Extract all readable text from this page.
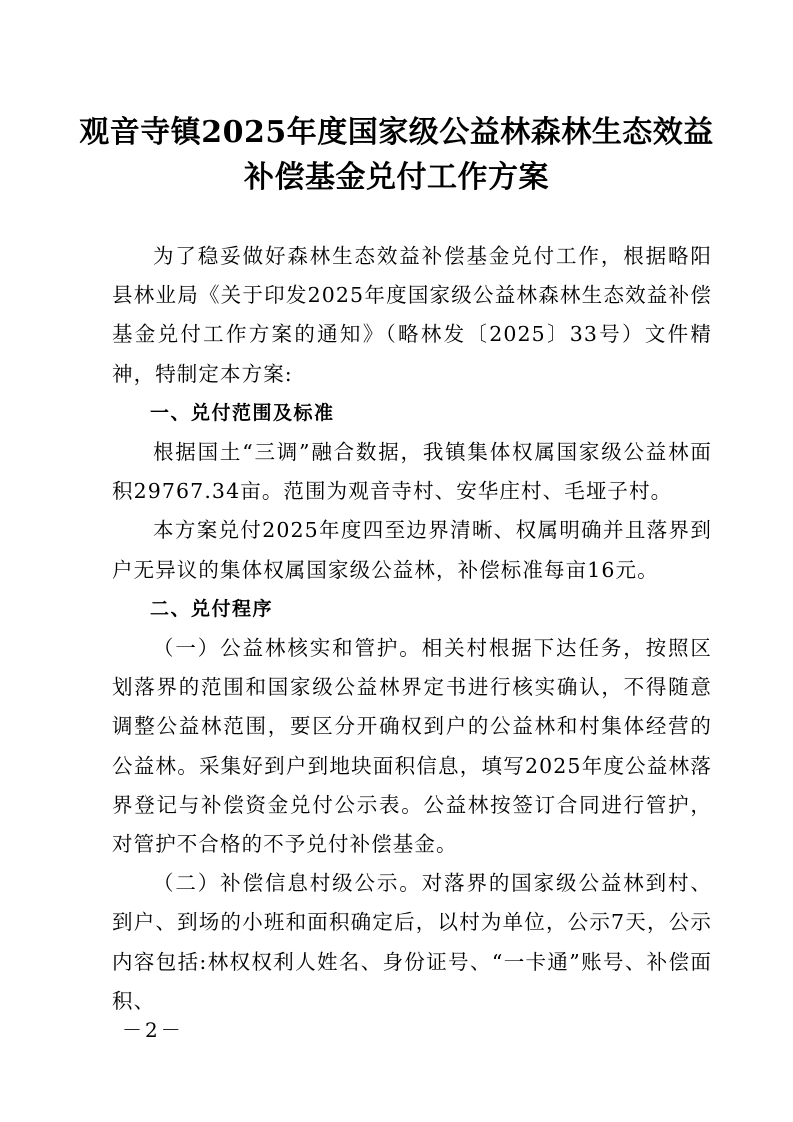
观音寺镇2025年度国家级公益林森林生态效益
补偿基金兑付工作方案

为了稳妥做好森林生态效益补偿基金兑付工作，根据略阳县林业局《关于印发2025年度国家级公益林森林生态效益补偿基金兑付工作方案的通知》（略林发〔2025〕33号）文件精神，特制定本方案:

一、兑付范围及标准

根据国土“三调”融合数据，我镇集体权属国家级公益林面积29767.34亩。范围为观音寺村、安华庄村、毛垭子村。

本方案兑付2025年度四至边界清晰、权属明确并且落界到户无异议的集体权属国家级公益林，补偿标准每亩16元。

二、兑付程序

（一）公益林核实和管护。相关村根据下达任务，按照区划落界的范围和国家级公益林界定书进行核实确认，不得随意调整公益林范围，要区分开确权到户的公益林和村集体经营的公益林。采集好到户到地块面积信息，填写2025年度公益林落界登记与补偿资金兑付公示表。公益林按签订合同进行管护，对管护不合格的不予兑付补偿基金。

（二）补偿信息村级公示。对落界的国家级公益林到村、到户、到场的小班和面积确定后，以村为单位，公示7天，公示内容包括:林权权利人姓名、身份证号、“一卡通”账号、补偿面积、

－2－
